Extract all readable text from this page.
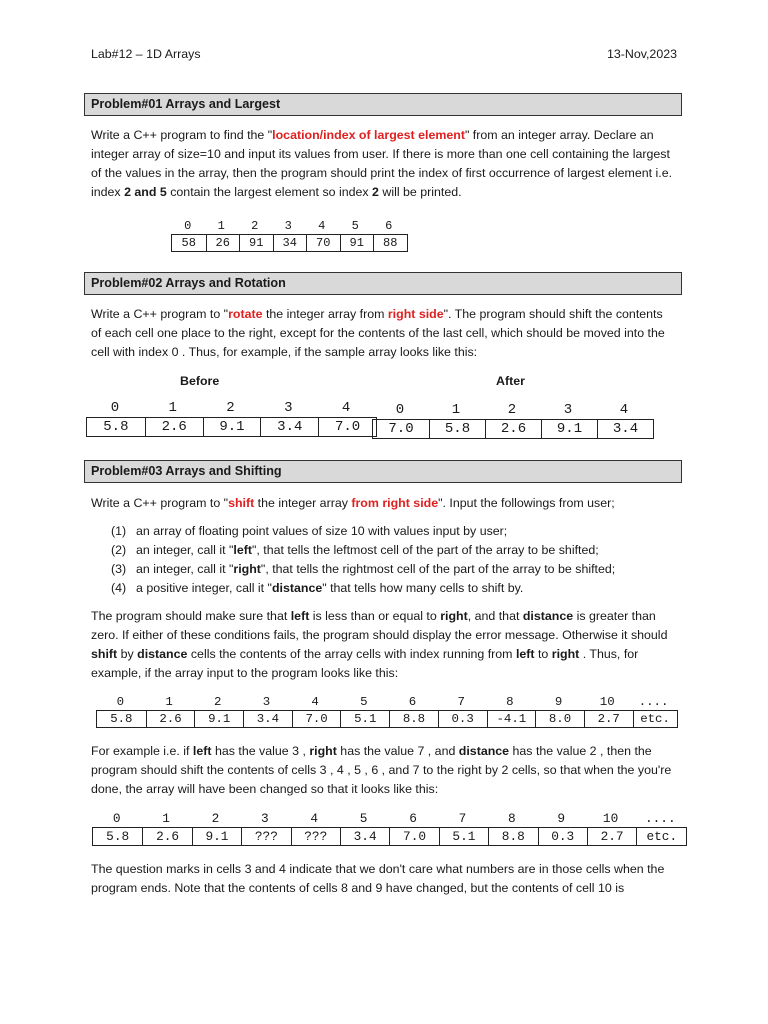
Lab#12 – 1D Arrays	13-Nov,2023
Problem#01 Arrays and Largest
Write a C++ program to find the "location/index of largest element" from an integer array. Declare an integer array of size=10 and input its values from user. If there is more than one cell containing the largest of the values in the array, then the program should print the index of first occurrence of largest element i.e. index 2 and 5 contain the largest element so index 2 will be printed.
0	1	2	3	4	5	6
58	26	91	34	70	91	88
Problem#02 Arrays and Rotation
Write a C++ program to "rotate the integer array from right side". The program should shift the contents of each cell one place to the right, except for the contents of the last cell, which should be moved into the cell with index 0 . Thus, for example, if the sample array looks like this:
Before	After
0	1	2	3	4
5.8	2.6	9.1	3.4	7.0
0	1	2	3	4
7.0	5.8	2.6	9.1	3.4
Problem#03 Arrays and Shifting
Write a C++ program to "shift the integer array from right side". Input the followings from user;
(1) an array of floating point values of size 10 with values input by user;
(2) an integer, call it "left", that tells the leftmost cell of the part of the array to be shifted;
(3) an integer, call it "right", that tells the rightmost cell of the part of the array to be shifted;
(4) a positive integer, call it "distance" that tells how many cells to shift by.
The program should make sure that left is less than or equal to right, and that distance is greater than zero. If either of these conditions fails, the program should display the error message. Otherwise it should shift by distance cells the contents of the array cells with index running from left to right . Thus, for example, if the array input to the program looks like this:
0	1	2	3	4	5	6	7	8	9	10	....
5.8	2.6	9.1	3.4	7.0	5.1	8.8	0.3	-4.1	8.0	2.7	etc.
For example i.e. if left has the value 3 , right has the value 7 , and distance has the value 2 , then the program should shift the contents of cells 3 , 4 , 5 , 6 , and 7 to the right by 2 cells, so that when the you're done, the array will have been changed so that it looks like this:
0	1	2	3	4	5	6	7	8	9	10	....
5.8	2.6	9.1	???	???	3.4	7.0	5.1	8.8	0.3	2.7	etc.
The question marks in cells 3 and 4 indicate that we don't care what numbers are in those cells when the program ends. Note that the contents of cells 8 and 9 have changed, but the contents of cell 10 is
